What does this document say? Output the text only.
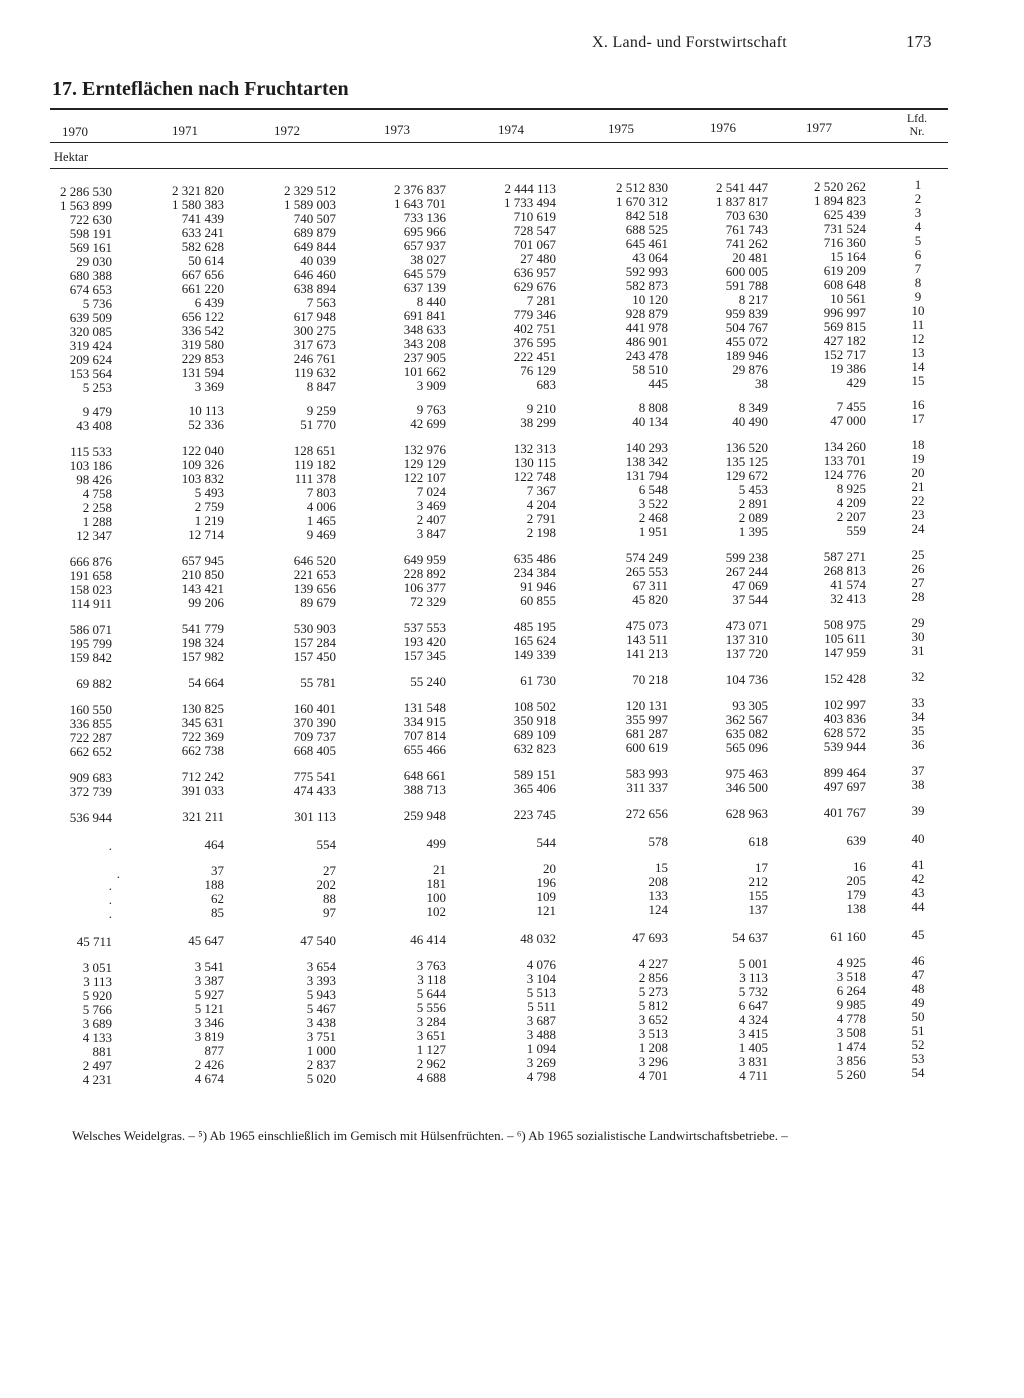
X. Land- und Forstwirtschaft	173
17. Ernteflächen nach Fruchtarten
1970	1971	1972	1973	1974	1975	1976	1977
Lfd.
Nr.
Hektar
2 286 530	2 321 820	2 329 512	2 376 837	2 444 113	2 512 830	2 541 447	2 520 262	1
1 563 899	1 580 383	1 589 003	1 643 701	1 733 494	1 670 312	1 837 817	1 894 823	2
722 630	741 439	740 507	733 136	710 619	842 518	703 630	625 439	3
598 191	633 241	689 879	695 966	728 547	688 525	761 743	731 524	4
569 161	582 628	649 844	657 937	701 067	645 461	741 262	716 360	5
29 030	50 614	40 039	38 027	27 480	43 064	20 481	15 164	6
680 388	667 656	646 460	645 579	636 957	592 993	600 005	619 209	7
674 653	661 220	638 894	637 139	629 676	582 873	591 788	608 648	8
5 736	6 439	7 563	8 440	7 281	10 120	8 217	10 561	9
639 509	656 122	617 948	691 841	779 346	928 879	959 839	996 997	10
320 085	336 542	300 275	348 633	402 751	441 978	504 767	569 815	11
319 424	319 580	317 673	343 208	376 595	486 901	455 072	427 182	12
209 624	229 853	246 761	237 905	222 451	243 478	189 946	152 717	13
153 564	131 594	119 632	101 662	76 129	58 510	29 876	19 386	14
5 253	3 369	8 847	3 909	683	445	38	429	15
9 479	10 113	9 259	9 763	9 210	8 808	8 349	7 455	16
43 408	52 336	51 770	42 699	38 299	40 134	40 490	47 000	17
115 533	122 040	128 651	132 976	132 313	140 293	136 520	134 260	18
103 186	109 326	119 182	129 129	130 115	138 342	135 125	133 701	19
98 426	103 832	111 378	122 107	122 748	131 794	129 672	124 776	20
4 758	5 493	7 803	7 024	7 367	6 548	5 453	8 925	21
2 258	2 759	4 006	3 469	4 204	3 522	2 891	4 209	22
1 288	1 219	1 465	2 407	2 791	2 468	2 089	2 207	23
12 347	12 714	9 469	3 847	2 198	1 951	1 395	559	24
666 876	657 945	646 520	649 959	635 486	574 249	599 238	587 271	25
191 658	210 850	221 653	228 892	234 384	265 553	267 244	268 813	26
158 023	143 421	139 656	106 377	91 946	67 311	47 069	41 574	27
114 911	99 206	89 679	72 329	60 855	45 820	37 544	32 413	28
586 071	541 779	530 903	537 553	485 195	475 073	473 071	508 975	29
195 799	198 324	157 284	193 420	165 624	143 511	137 310	105 611	30
159 842	157 982	157 450	157 345	149 339	141 213	137 720	147 959	31
69 882	54 664	55 781	55 240	61 730	70 218	104 736	152 428	32
160 550	130 825	160 401	131 548	108 502	120 131	93 305	102 997	33
336 855	345 631	370 390	334 915	350 918	355 997	362 567	403 836	34
722 287	722 369	709 737	707 814	689 109	681 287	635 082	628 572	35
662 652	662 738	668 405	655 466	632 823	600 619	565 096	539 944	36
909 683	712 242	775 541	648 661	589 151	583 993	975 463	899 464	37
372 739	391 033	474 433	388 713	365 406	311 337	346 500	497 697	38
536 944	321 211	301 113	259 948	223 745	272 656	628 963	401 767	39
.	464	554	499	544	578	618	639	40
.	37	27	21	20	15	17	16	41
.	188	202	181	196	208	212	205	42
.	62	88	100	109	133	155	179	43
.	85	97	102	121	124	137	138	44
45 711	45 647	47 540	46 414	48 032	47 693	54 637	61 160	45
3 051	3 541	3 654	3 763	4 076	4 227	5 001	4 925	46
3 113	3 387	3 393	3 118	3 104	2 856	3 113	3 518	47
5 920	5 927	5 943	5 644	5 513	5 273	5 732	6 264	48
5 766	5 121	5 467	5 556	5 511	5 812	6 647	9 985	49
3 689	3 346	3 438	3 284	3 687	3 652	4 324	4 778	50
4 133	3 819	3 751	3 651	3 488	3 513	3 415	3 508	51
881	877	1 000	1 127	1 094	1 208	1 405	1 474	52
2 497	2 426	2 837	2 962	3 269	3 296	3 831	3 856	53
4 231	4 674	5 020	4 688	4 798	4 701	4 711	5 260	54
Welsches Weidelgras. – ⁵) Ab 1965 einschließlich im Gemisch mit Hülsenfrüchten. – ⁶) Ab 1965 sozialistische Landwirtschaftsbetriebe. –
